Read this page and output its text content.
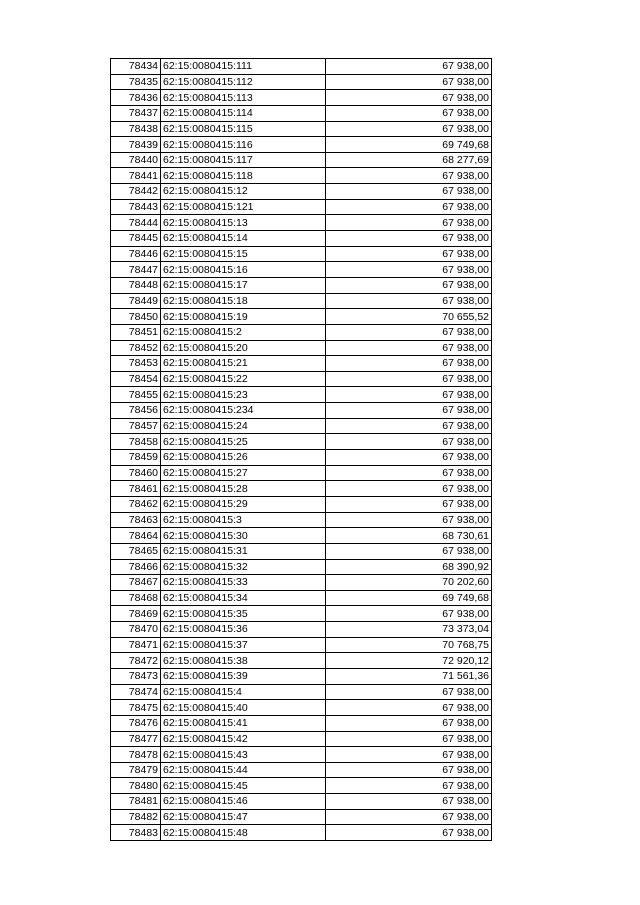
78434	62:15:0080415:111	67 938,00
78435	62:15:0080415:112	67 938,00
78436	62:15:0080415:113	67 938,00
78437	62:15:0080415:114	67 938,00
78438	62:15:0080415:115	67 938,00
78439	62:15:0080415:116	69 749,68
78440	62:15:0080415:117	68 277,69
78441	62:15:0080415:118	67 938,00
78442	62:15:0080415:12	67 938,00
78443	62:15:0080415:121	67 938,00
78444	62:15:0080415:13	67 938,00
78445	62:15:0080415:14	67 938,00
78446	62:15:0080415:15	67 938,00
78447	62:15:0080415:16	67 938,00
78448	62:15:0080415:17	67 938,00
78449	62:15:0080415:18	67 938,00
78450	62:15:0080415:19	70 655,52
78451	62:15:0080415:2	67 938,00
78452	62:15:0080415:20	67 938,00
78453	62:15:0080415:21	67 938,00
78454	62:15:0080415:22	67 938,00
78455	62:15:0080415:23	67 938,00
78456	62:15:0080415:234	67 938,00
78457	62:15:0080415:24	67 938,00
78458	62:15:0080415:25	67 938,00
78459	62:15:0080415:26	67 938,00
78460	62:15:0080415:27	67 938,00
78461	62:15:0080415:28	67 938,00
78462	62:15:0080415:29	67 938,00
78463	62:15:0080415:3	67 938,00
78464	62:15:0080415:30	68 730,61
78465	62:15:0080415:31	67 938,00
78466	62:15:0080415:32	68 390,92
78467	62:15:0080415:33	70 202,60
78468	62:15:0080415:34	69 749,68
78469	62:15:0080415:35	67 938,00
78470	62:15:0080415:36	73 373,04
78471	62:15:0080415:37	70 768,75
78472	62:15:0080415:38	72 920,12
78473	62:15:0080415:39	71 561,36
78474	62:15:0080415:4	67 938,00
78475	62:15:0080415:40	67 938,00
78476	62:15:0080415:41	67 938,00
78477	62:15:0080415:42	67 938,00
78478	62:15:0080415:43	67 938,00
78479	62:15:0080415:44	67 938,00
78480	62:15:0080415:45	67 938,00
78481	62:15:0080415:46	67 938,00
78482	62:15:0080415:47	67 938,00
78483	62:15:0080415:48	67 938,00
